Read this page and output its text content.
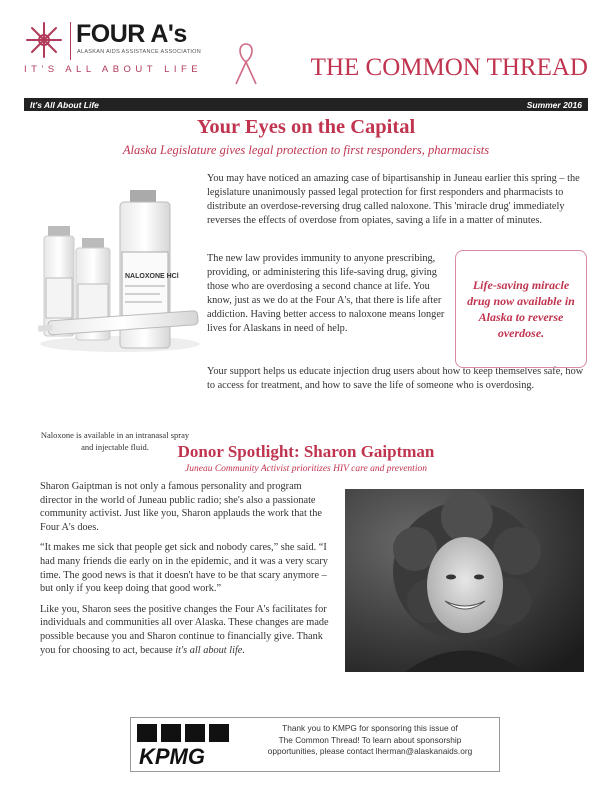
FOUR A's
ALASKAN AIDS ASSISTANCE ASSOCIATION
IT'S ALL ABOUT LIFE	THE COMMON THREAD
It's All About Life	Summer 2016
Your Eyes on the Capital
Alaska Legislature gives legal protection to first responders, pharmacists
NALOXONE HCl
Naloxone is available in an intranasal spray and injectable fluid.

You may have noticed an amazing case of bipartisanship in Juneau earlier this spring – the legislature unanimously passed legal protection for first responders and pharmacists to distribute an overdose-reversing drug called naloxone. This 'miracle drug' immediately reverses the effects of overdose from opiates, saving a life in a matter of minutes.

The new law provides immunity to anyone prescribing, providing, or administering this life-saving drug, giving those who are overdosing a second chance at life. You know, just as we do at the Four A's, that there is life after addiction. Having better access to naloxone means longer lives for Alaskans in need of help.

Your support helps us educate injection drug users about how to keep themselves safe, how to access for treatment, and how to save the life of someone who is overdosing.

Life-saving miracle drug now available in Alaska to reverse overdose.
Donor Spotlight: Sharon Gaiptman
Juneau Community Activist prioritizes HIV care and prevention

Sharon Gaiptman is not only a famous personality and program director in the world of Juneau public radio; she's also a passionate community activist. Just like you, Sharon applauds the work that the Four A's does.

“It makes me sick that people get sick and nobody cares,” she said. “I had many friends die early on in the epidemic, and it was a very scary time. The good news is that it doesn't have to be that scary anymore – but only if you keep doing that good work.”

Like you, Sharon sees the positive changes the Four A's facilitates for individuals and communities all over Alaska. These changes are made possible because you and Sharon continue to financially give. Thank you for choosing to act, because it's all about life.

KPMG
Thank you to KMPG for sponsoring this issue of
The Common Thread! To learn about sponsorship
opportunities, please contact lherman@alaskanaids.org
